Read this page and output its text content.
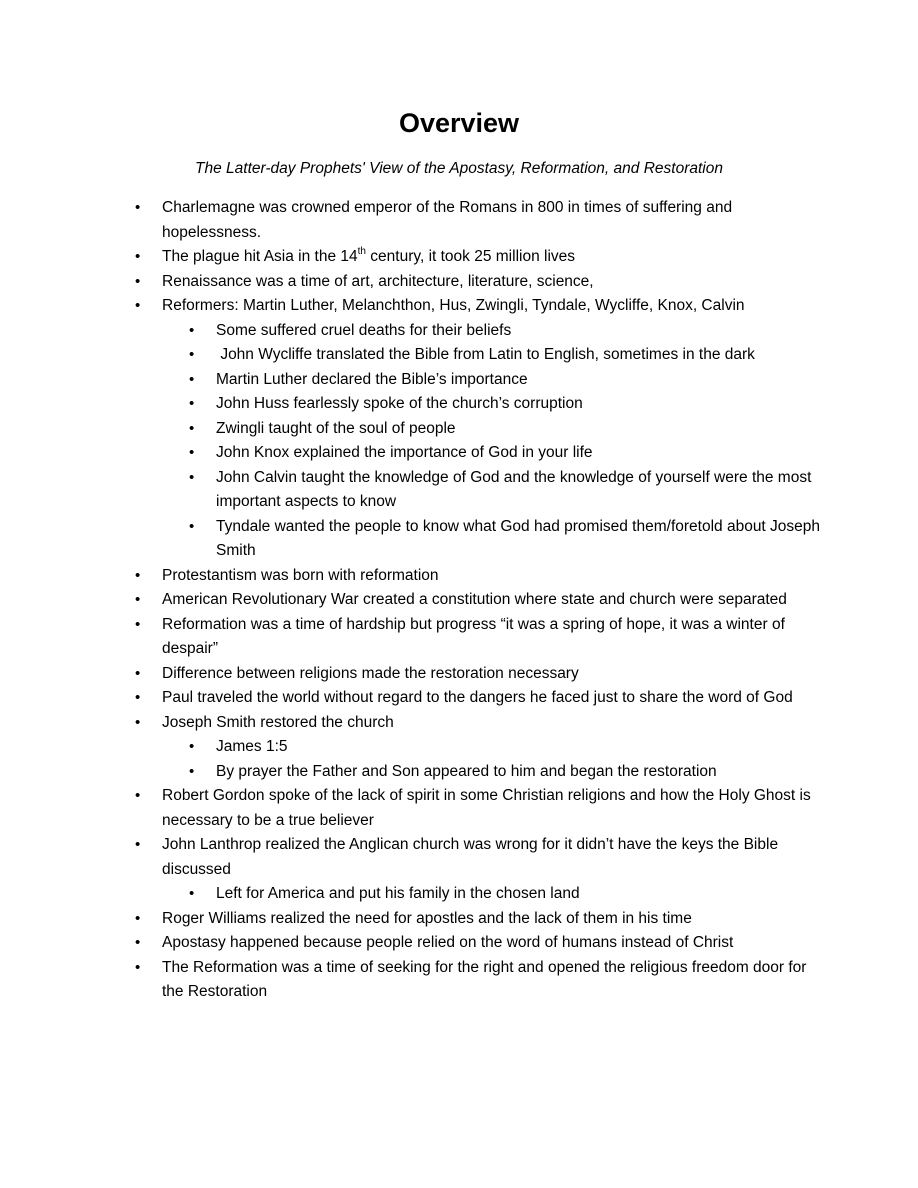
Overview

The Latter-day Prophets' View of the Apostasy, Reformation, and Restoration

• Charlemagne was crowned emperor of the Romans in 800 in times of suffering and hopelessness.
• The plague hit Asia in the 14th century, it took 25 million lives
• Renaissance was a time of art, architecture, literature, science,
• Reformers: Martin Luther, Melanchthon, Hus, Zwingli, Tyndale, Wycliffe, Knox, Calvin
• Some suffered cruel deaths for their beliefs
•  John Wycliffe translated the Bible from Latin to English, sometimes in the dark
• Martin Luther declared the Bible’s importance
• John Huss fearlessly spoke of the church’s corruption
• Zwingli taught of the soul of people
• John Knox explained the importance of God in your life
• John Calvin taught the knowledge of God and the knowledge of yourself were the most important aspects to know
• Tyndale wanted the people to know what God had promised them/foretold about Joseph Smith
• Protestantism was born with reformation
• American Revolutionary War created a constitution where state and church were separated
• Reformation was a time of hardship but progress “it was a spring of hope, it was a winter of despair”
• Difference between religions made the restoration necessary
• Paul traveled the world without regard to the dangers he faced just to share the word of God
• Joseph Smith restored the church
• James 1:5
• By prayer the Father and Son appeared to him and began the restoration
• Robert Gordon spoke of the lack of spirit in some Christian religions and how the Holy Ghost is necessary to be a true believer
• John Lanthrop realized the Anglican church was wrong for it didn’t have the keys the Bible discussed
• Left for America and put his family in the chosen land
• Roger Williams realized the need for apostles and the lack of them in his time
• Apostasy happened because people relied on the word of humans instead of Christ
• The Reformation was a time of seeking for the right and opened the religious freedom door for the Restoration
